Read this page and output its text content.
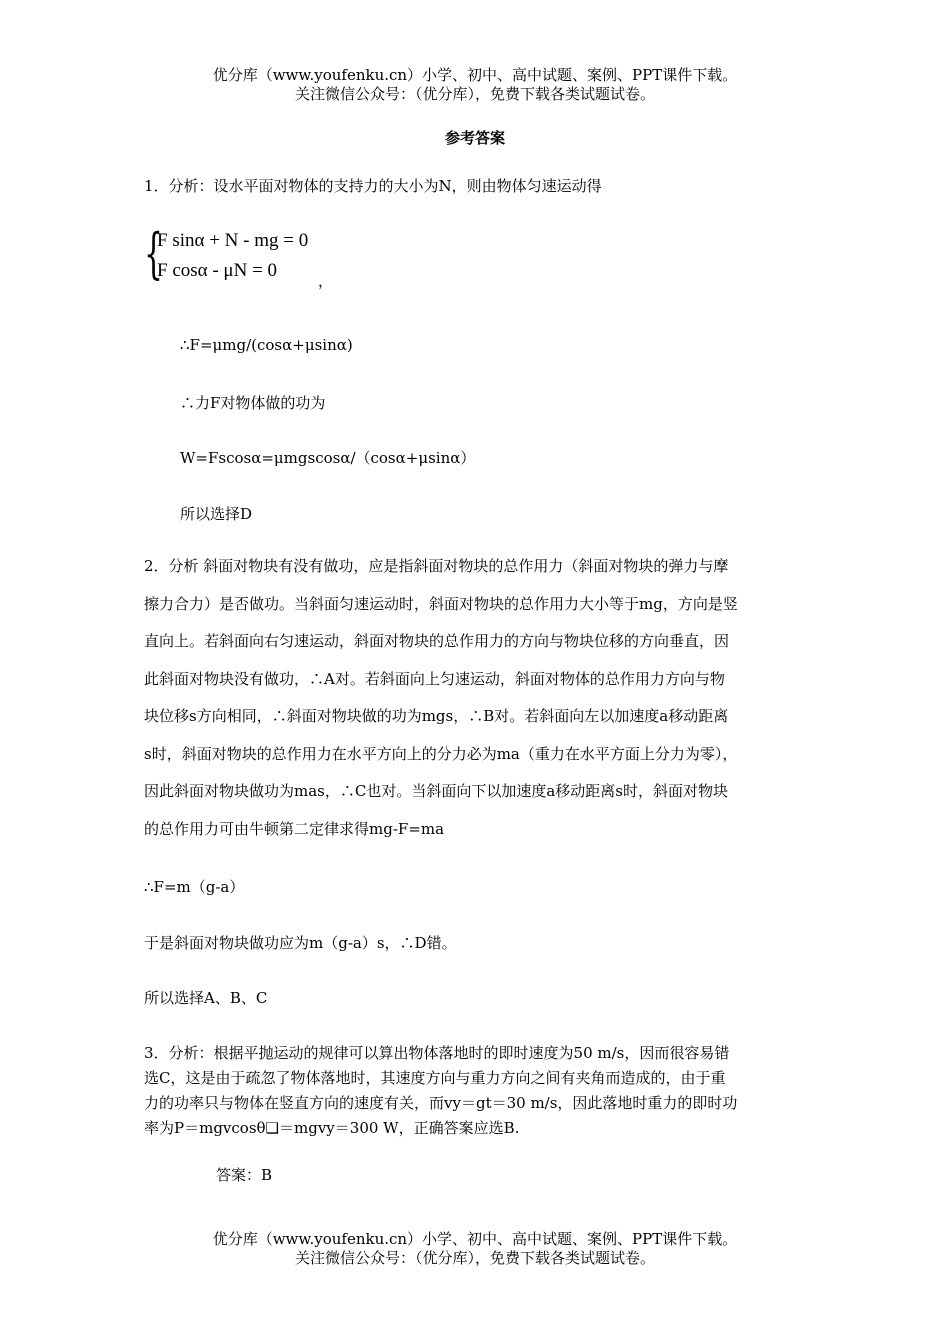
优分库（www.youfenku.cn）小学、初中、高中试题、案例、PPT课件下载。
关注微信公众号：（优分库），免费下载各类试题试卷。
参考答案
1．分析：设水平面对物体的支持力的大小为N，则由物体匀速运动得
{
F sinα + N - mg = 0
F cosα - μN = 0	，
∴F=μmg/(cosα+μsinα)
∴力F对物体做的功为
W=Fscosα=μmgscosα/（cosα+μsinα）
所以选择D
2．分析 斜面对物块有没有做功，应是指斜面对物块的总作用力（斜面对物块的弹力与摩
擦力合力）是否做功。当斜面匀速运动时，斜面对物块的总作用力大小等于mg，方向是竖
直向上。若斜面向右匀速运动，斜面对物块的总作用力的方向与物块位移的方向垂直，因
此斜面对物块没有做功，∴A对。若斜面向上匀速运动，斜面对物体的总作用力方向与物
块位移s方向相同，∴斜面对物块做的功为mgs，∴B对。若斜面向左以加速度a移动距离
s时，斜面对物块的总作用力在水平方向上的分力必为ma（重力在水平方面上分力为零），
因此斜面对物块做功为mas，∴C也对。当斜面向下以加速度a移动距离s时，斜面对物块
的总作用力可由牛顿第二定律求得mg-F=ma
∴F=m（g-a）
于是斜面对物块做功应为m（g-a）s，∴D错。
所以选择A、B、C
3．分析：根据平抛运动的规律可以算出物体落地时的即时速度为50 m/s，因而很容易错
选C，这是由于疏忽了物体落地时，其速度方向与重力方向之间有夹角而造成的，由于重
力的功率只与物体在竖直方向的速度有关，而vy＝gt＝30 m/s，因此落地时重力的即时功
率为P＝mgvcosθ❑＝mgvy＝300 W，正确答案应选B.
答案：B
优分库（www.youfenku.cn）小学、初中、高中试题、案例、PPT课件下载。
关注微信公众号：（优分库），免费下载各类试题试卷。
